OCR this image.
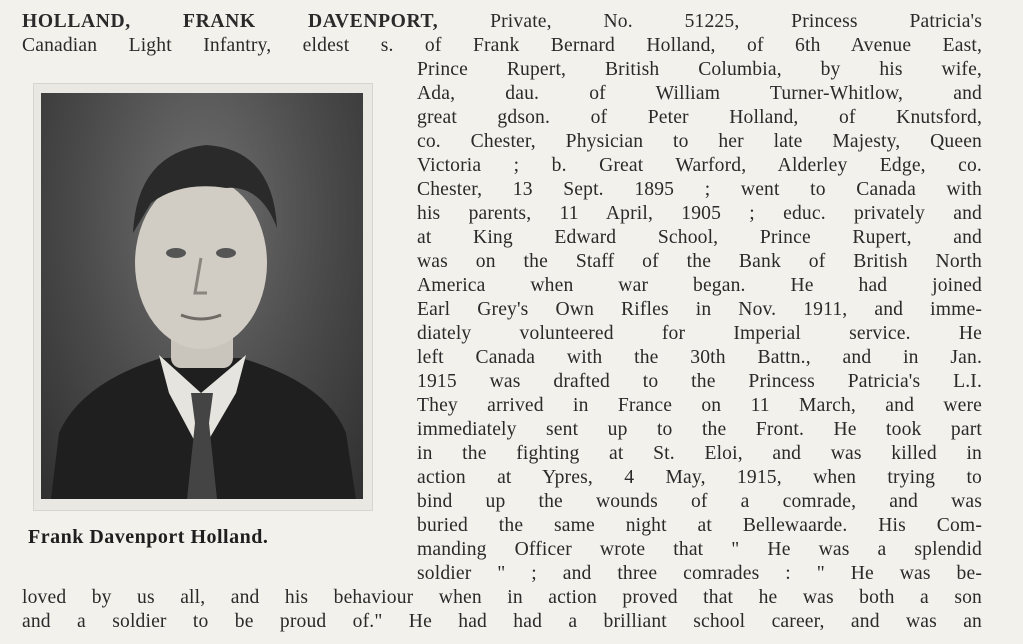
HOLLAND, FRANK DAVENPORT, Private, No. 51225, Princess Patricia's
Canadian Light Infantry, eldest s. of Frank Bernard Holland, of 6th Avenue East,
Prince Rupert, British Columbia, by his wife,
Ada, dau. of William Turner-Whitlow, and
great gdson. of Peter Holland, of Knutsford,
co. Chester, Physician to her late Majesty, Queen
Victoria ; b. Great Warford, Alderley Edge, co.
Chester, 13 Sept. 1895 ; went to Canada with
his parents, 11 April, 1905 ; educ. privately and
at King Edward School, Prince Rupert, and
was on the Staff of the Bank of British North
America when war began. He had joined
Earl Grey's Own Rifles in Nov. 1911, and imme-
diately volunteered for Imperial service. He
left Canada with the 30th Battn., and in Jan.
1915 was drafted to the Princess Patricia's L.I.
They arrived in France on 11 March, and were
immediately sent up to the Front. He took part
in the fighting at St. Eloi, and was killed in
action at Ypres, 4 May, 1915, when trying to
bind up the wounds of a comrade, and was
buried the same night at Bellewaarde. His Com-
manding Officer wrote that " He was a splendid
soldier " ; and three comrades : " He was be-
loved by us all, and his behaviour when in action proved that he was both a son
and a soldier to be proud of." He had had a brilliant school career, and was an
Frank Davenport Holland.
